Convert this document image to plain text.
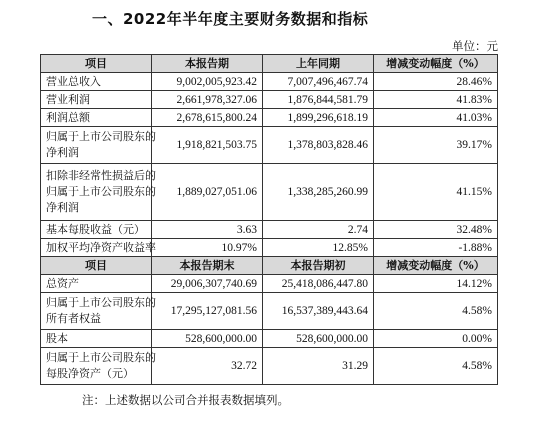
一、2022年半年度主要财务数据和指标
单位：元
项目	本报告期	上年同期	增减变动幅度（%）
营业总收入	9,002,005,923.42	7,007,496,467.74	28.46%
营业利润	2,661,978,327.06	1,876,844,581.79	41.83%
利润总额	2,678,615,800.24	1,899,296,618.19	41.03%

归属于上市公司股东的
净利润	1,918,821,503.75	1,378,803,828.46	39.17%

扣除非经常性损益后的
归属于上市公司股东的
净利润	1,889,027,051.06	1,338,285,260.99	41.15%
基本每股收益（元）	3.63	2.74	32.48%
加权平均净资产收益率	10.97%	12.85%	-1.88%
项目	本报告期末	本报告期初	增减变动幅度（%）
总资产	29,006,307,740.69	25,418,086,447.80	14.12%

归属于上市公司股东的
所有者权益	17,295,127,081.56	16,537,389,443.64	4.58%
股本	528,600,000.00	528,600,000.00	0.00%

归属于上市公司股东的
每股净资产（元）	32.72	31.29	4.58%
注：上述数据以公司合并报表数据填列。
